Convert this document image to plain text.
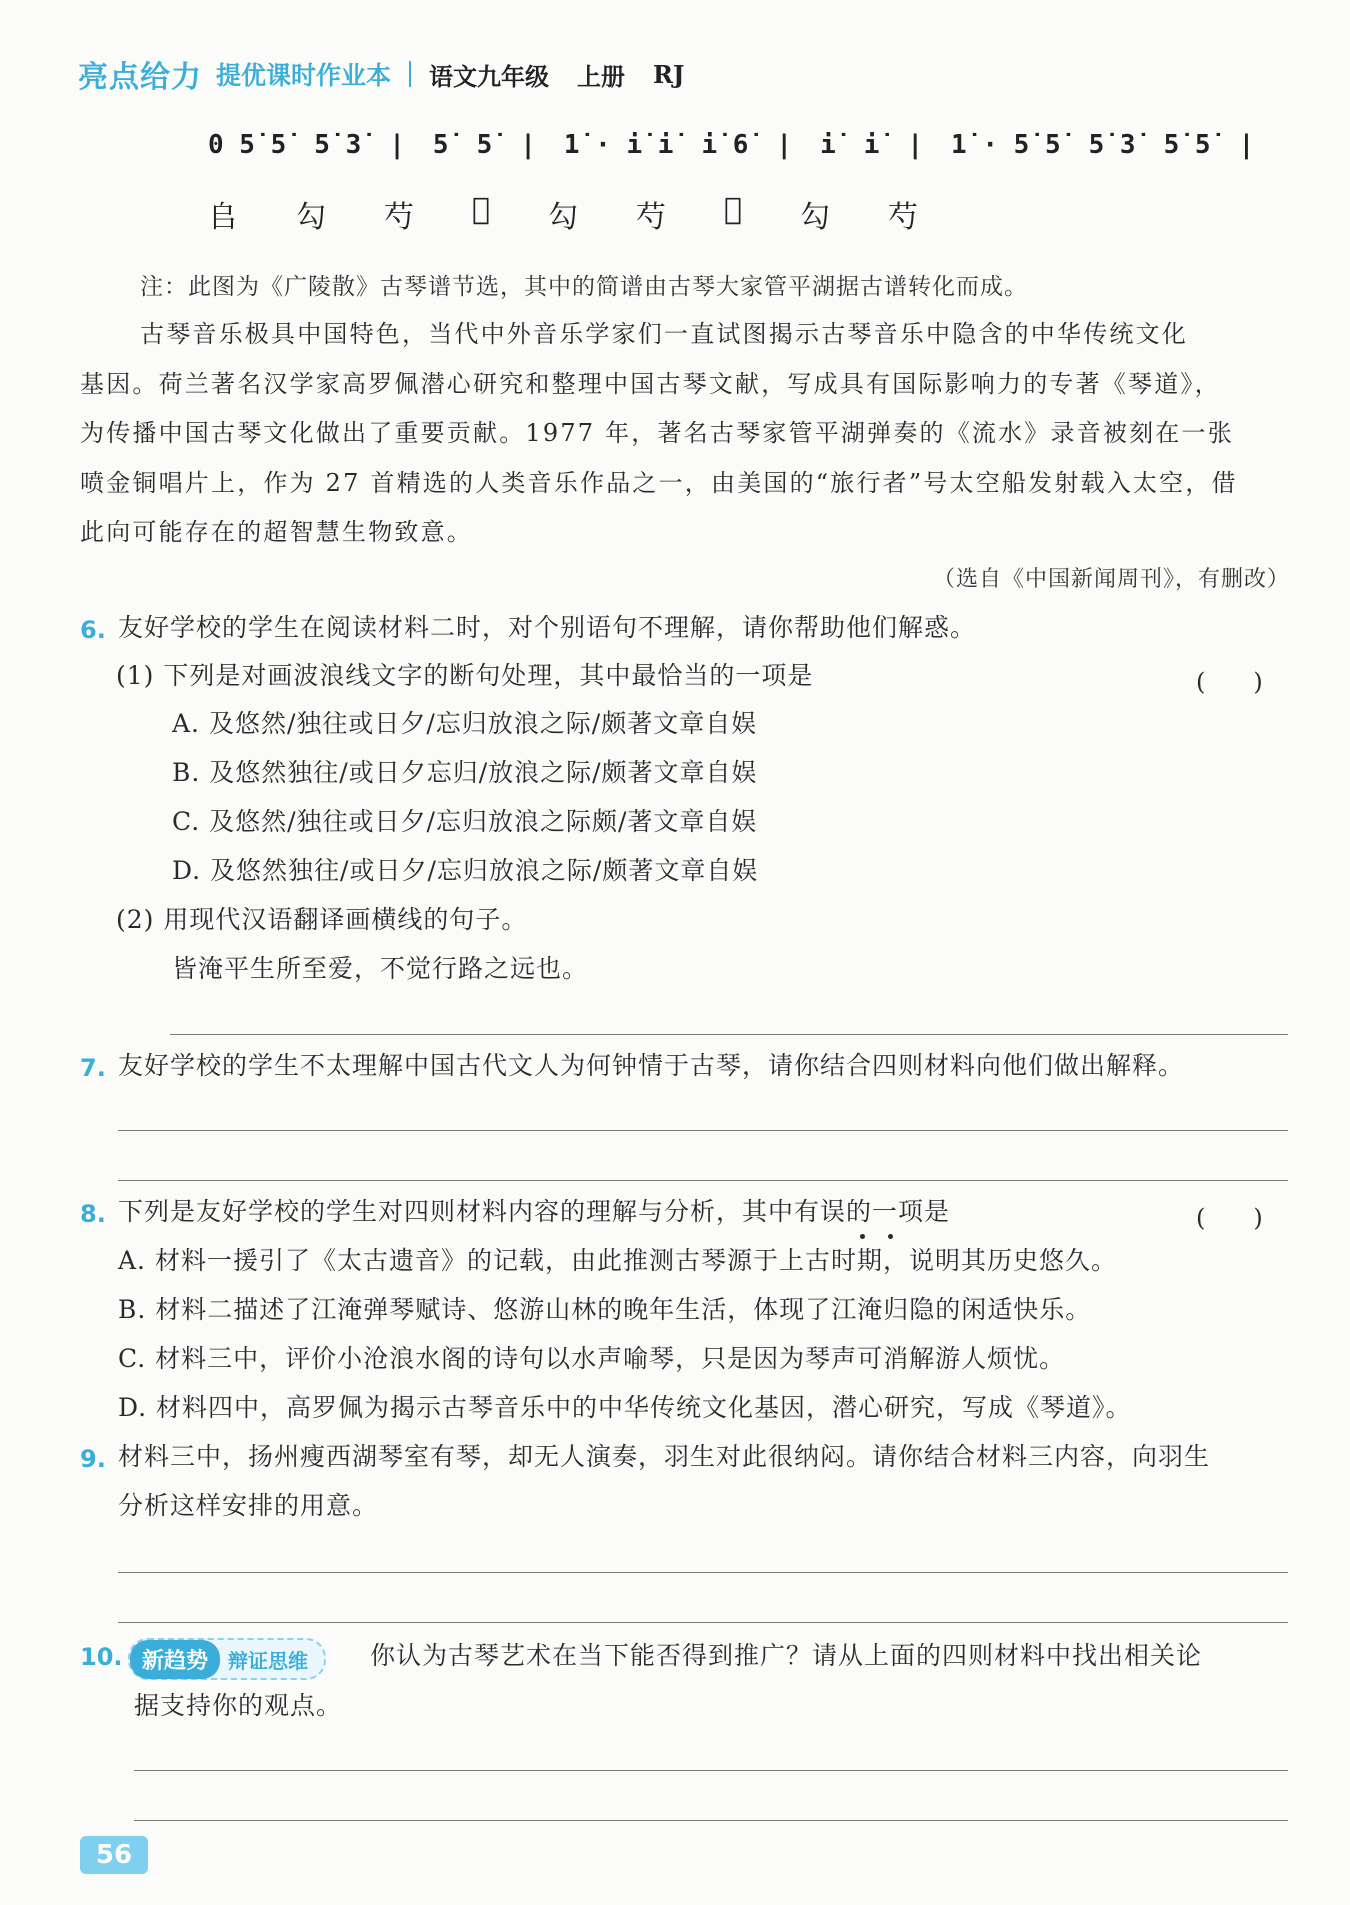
亮点给力 提优课时作业本 语文九年级 上册 RJ
0 5̇ 5̇ 5̇ 3̇ | 5̇ 5̇ | 1̇ · i̇ i̇ i̇ 6̇ | i̇ i̇ | 1̇ · 5̇ 5̇ 5̇ 3̇ 5̇ 5̇ |
𠂤 勾 芍 𦭝 勾 芍 𦭝 勾 芍
注：此图为《广陵散》古琴谱节选，其中的简谱由古琴大家管平湖据古谱转化而成。
古琴音乐极具中国特色，当代中外音乐学家们一直试图揭示古琴音乐中隐含的中华传统文化
基因。荷兰著名汉学家高罗佩潜心研究和整理中国古琴文献，写成具有国际影响力的专著《琴道》，
为传播中国古琴文化做出了重要贡献。1977 年，著名古琴家管平湖弹奏的《流水》录音被刻在一张
喷金铜唱片上，作为 27 首精选的人类音乐作品之一，由美国的“旅行者”号太空船发射载入太空，借
此向可能存在的超智慧生物致意。
（选自《中国新闻周刊》，有删改）
6. 友好学校的学生在阅读材料二时，对个别语句不理解，请你帮助他们解惑。
(1) 下列是对画波浪线文字的断句处理，其中最恰当的一项是	(　　)
A. 及悠然/独往或日夕/忘归放浪之际/颇著文章自娱
B. 及悠然独往/或日夕忘归/放浪之际/颇著文章自娱
C. 及悠然/独往或日夕/忘归放浪之际颇/著文章自娱
D. 及悠然独往/或日夕/忘归放浪之际/颇著文章自娱
(2) 用现代汉语翻译画横线的句子。
皆淹平生所至爱，不觉行路之远也。
7. 友好学校的学生不太理解中国古代文人为何钟情于古琴，请你结合四则材料向他们做出解释。
8. 下列是友好学校的学生对四则材料内容的理解与分析，其中有误的一项是	(　　)
A. 材料一援引了《太古遗音》的记载，由此推测古琴源于上古时期，说明其历史悠久。
B. 材料二描述了江淹弹琴赋诗、悠游山林的晚年生活，体现了江淹归隐的闲适快乐。
C. 材料三中，评价小沧浪水阁的诗句以水声喻琴，只是因为琴声可消解游人烦忧。
D. 材料四中，高罗佩为揭示古琴音乐中的中华传统文化基因，潜心研究，写成《琴道》。
9. 材料三中，扬州瘦西湖琴室有琴，却无人演奏，羽生对此很纳闷。请你结合材料三内容，向羽生
分析这样安排的用意。
10. 新趋势	辩证思维	你认为古琴艺术在当下能否得到推广？请从上面的四则材料中找出相关论
据支持你的观点。
56
